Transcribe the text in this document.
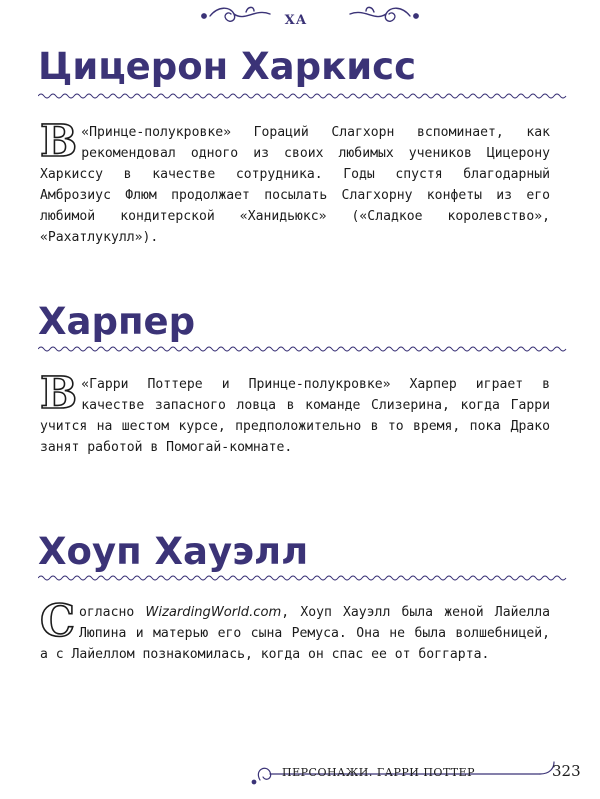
ХА
Цицерон Харкисс

В «Принце-полукровке» Гораций Слагхорн вспоминает, как рекомендовал одного из своих любимых учеников Цицерону Харкиссу в качестве сотрудника. Годы спустя благодарный Амброзиус Флюм продолжает посылать Слагхорну конфеты из его любимой кондитерской «Ханидьюкс» («Сладкое королевство», «Рахатлукулл»).

Харпер

В «Гарри Поттере и Принце-полукровке» Харпер играет в качестве запасного ловца в команде Слизерина, когда Гарри учится на шестом курсе, предположительно в то время, пока Драко занят работой в Помогай-комнате.

Хоуп Хауэлл

Согласно WizardingWorld.com, Хоуп Хауэлл была женой Лайелла Люпина и матерью его сына Ремуса. Она не была волшебницей, а с Лайеллом познакомилась, когда он спас ее от боггарта.

ПЕРСОНАЖИ. ГАРРИ ПОТТЕР	323
